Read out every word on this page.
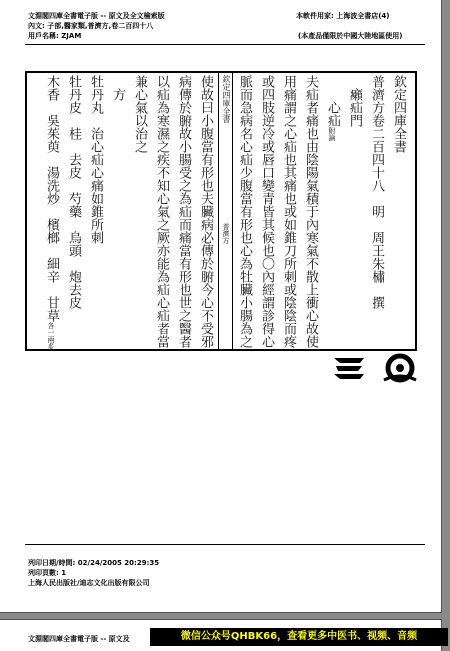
文淵閣四庫全書電子版 -- 原文及全文檢索版
內文: 子部,醫家類,普濟方,卷二百四十八
用戶名稱: ZJAM
本軟件用家: 上海波全書店(4)
(本產品僅限於中國大陸地區使用)
欽定四庫全書
普濟方卷二百四十八　明　周王朱橚　撰
　癩疝門
　　心疝附論
夫疝者痛也由陰陽氣積于內寒氣不散上衝心故使
用痛謂之心疝也其痛也或如錐刀所刺或陰陰而疼
或四肢逆冷或唇口變青皆其候也〇內經謂診得心
脈而急病名心疝少腹當有形也心為牡臟小腸為之
欽定四庫全書
普濟方
使故曰小腹當有形也夫臟病必傳於腑今心不受邪
病傳於腑故小腸受之為疝而痛當有形也世之醫者
以疝為寒濕之疾不知心氣之厥亦能為疝心疝者當
兼心氣以治之
　方
牡丹丸　治心疝心痛如錐所刺
牡丹皮　桂　去皮　芍藥　烏頭　炮去皮
木香　吳茱萸　湯洗炒　檳榔　細辛　甘草各一兩炙
列印日期/時間: 02/24/2005 20:29:35
列印頁數: 1
上海人民出版社/迪志文化出版有限公司
文淵閣四庫全書電子版 -- 原文及	微信公众号QHBK66，查看更多中医书、视频、音频
